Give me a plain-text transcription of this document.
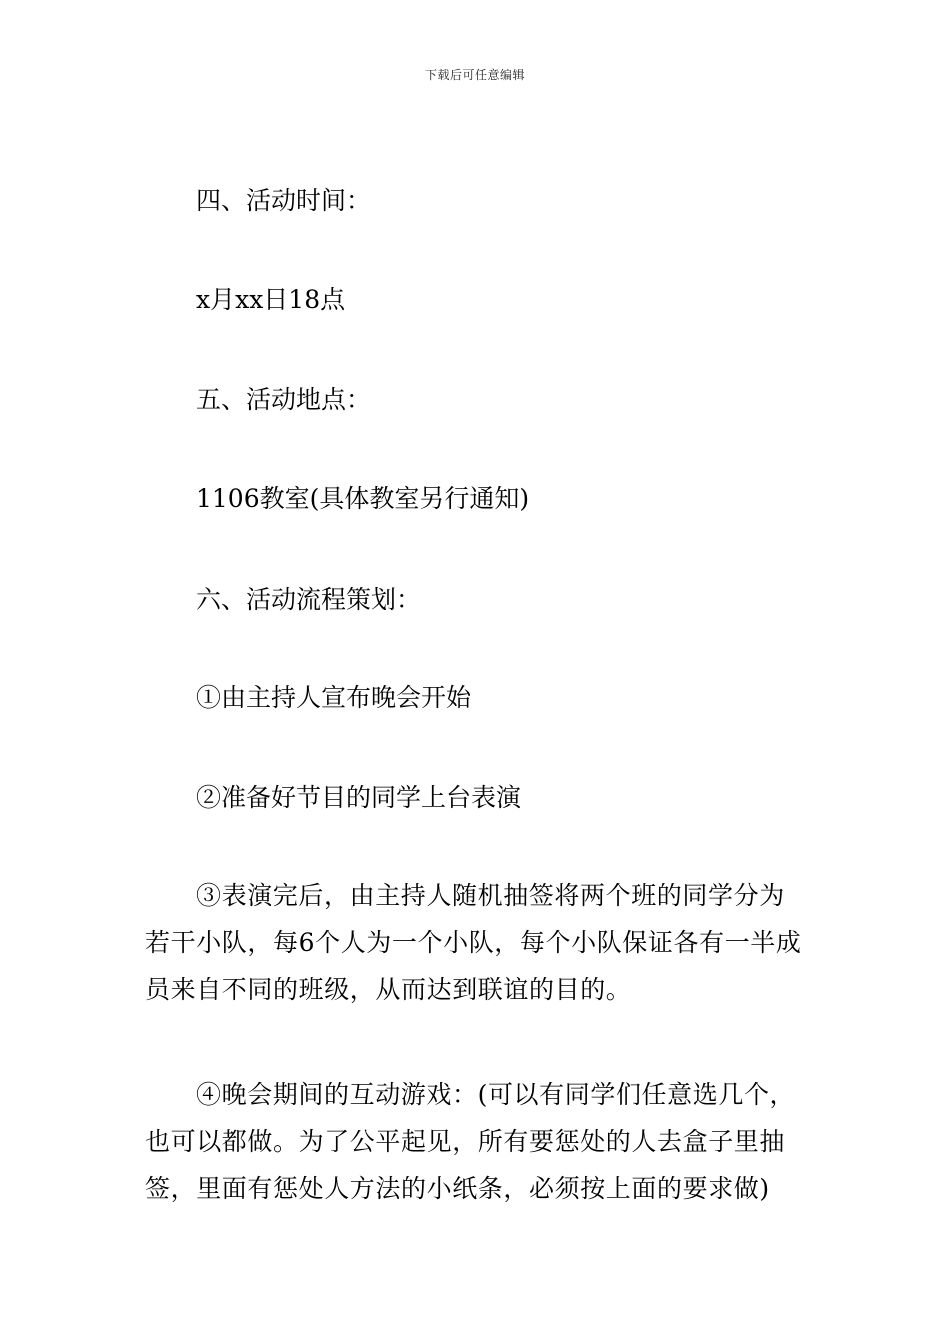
下载后可任意编辑
四、活动时间：
x月xx日18点
五、活动地点：
1106教室(具体教室另行通知)
六、活动流程策划：
①由主持人宣布晚会开始
②准备好节目的同学上台表演
③表演完后，由主持人随机抽签将两个班的同学分为若干小队，每6个人为一个小队，每个小队保证各有一半成员来自不同的班级，从而达到联谊的目的。
④晚会期间的互动游戏：(可以有同学们任意选几个，也可以都做。为了公平起见，所有要惩处的人去盒子里抽签，里面有惩处人方法的小纸条，必须按上面的要求做)
